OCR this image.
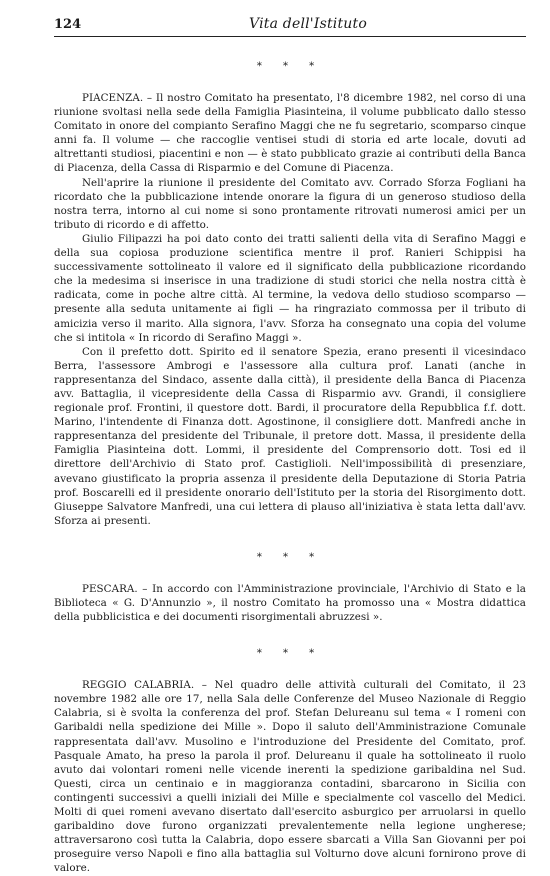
124	Vita dell'Istituto
* * *

PIACENZA. – Il nostro Comitato ha presentato, l'8 dicembre 1982, nel corso di una riunione svoltasi nella sede della Famiglia Piasinteina, il volume pubblicato dallo stesso Comitato in onore del compianto Serafino Maggi che ne fu segretario, scomparso cinque anni fa. Il volume — che raccoglie ventisei studi di storia ed arte locale, dovuti ad altrettanti studiosi, piacentini e non — è stato pubblicato grazie ai contributi della Banca di Piacenza, della Cassa di Risparmio e del Comune di Piacenza.

Nell'aprire la riunione il presidente del Comitato avv. Corrado Sforza Fogliani ha ricordato che la pubblicazione intende onorare la figura di un generoso studioso della nostra terra, intorno al cui nome si sono prontamente ritrovati numerosi amici per un tributo di ricordo e di affetto.

Giulio Filipazzi ha poi dato conto dei tratti salienti della vita di Serafino Maggi e della sua copiosa produzione scientifica mentre il prof. Ranieri Schippisi ha successivamente sottolineato il valore ed il significato della pubblicazione ricordando che la medesima si inserisce in una tradizione di studi storici che nella nostra città è radicata, come in poche altre città. Al termine, la vedova dello studioso scomparso — presente alla seduta unitamente ai figli — ha ringraziato commossa per il tributo di amicizia verso il marito. Alla signora, l'avv. Sforza ha consegnato una copia del volume che si intitola « In ricordo di Serafino Maggi ».

Con il prefetto dott. Spirito ed il senatore Spezia, erano presenti il vicesindaco Berra, l'assessore Ambrogi e l'assessore alla cultura prof. Lanati (anche in rappresentanza del Sindaco, assente dalla città), il presidente della Banca di Piacenza avv. Battaglia, il vicepresidente della Cassa di Risparmio avv. Grandi, il consigliere regionale prof. Frontini, il questore dott. Bardi, il procuratore della Repubblica f.f. dott. Marino, l'intendente di Finanza dott. Agostinone, il consigliere dott. Manfredi anche in rappresentanza del presidente del Tribunale, il pretore dott. Massa, il presidente della Famiglia Piasinteina dott. Lommi, il presidente del Comprensorio dott. Tosi ed il direttore dell'Archivio di Stato prof. Castiglioli. Nell'impossibilità di presenziare, avevano giustificato la propria assenza il presidente della Deputazione di Storia Patria prof. Boscarelli ed il presidente onorario dell'Istituto per la storia del Risorgimento dott. Giuseppe Salvatore Manfredi, una cui lettera di plauso all'iniziativa è stata letta dall'avv. Sforza ai presenti.

* * *

PESCARA. – In accordo con l'Amministrazione provinciale, l'Archivio di Stato e la Biblioteca « G. D'Annunzio », il nostro Comitato ha promosso una « Mostra didattica della pubblicistica e dei documenti risorgimentali abruzzesi ».

* * *

REGGIO CALABRIA. – Nel quadro delle attività culturali del Comitato, il 23 novembre 1982 alle ore 17, nella Sala delle Conferenze del Museo Nazionale di Reggio Calabria, si è svolta la conferenza del prof. Stefan Delureanu sul tema « I romeni con Garibaldi nella spedizione dei Mille ». Dopo il saluto dell'Amministrazione Comunale rappresentata dall'avv. Musolino e l'introduzione del Presidente del Comitato, prof. Pasquale Amato, ha preso la parola il prof. Delureanu il quale ha sottolineato il ruolo avuto dai volontari romeni nelle vicende inerenti la spedizione garibaldina nel Sud. Questi, circa un centinaio e in maggioranza contadini, sbarcarono in Sicilia con contingenti successivi a quelli iniziali dei Mille e specialmente col vascello del Medici. Molti di quei romeni avevano disertato dall'esercito asburgico per arruolarsi in quello garibaldino dove furono organizzati prevalentemente nella legione ungherese; attraversarono così tutta la Calabria, dopo essere sbarcati a Villa San Giovanni per poi proseguire verso Napoli e fino alla battaglia sul Volturno dove alcuni fornirono prove di valore.
